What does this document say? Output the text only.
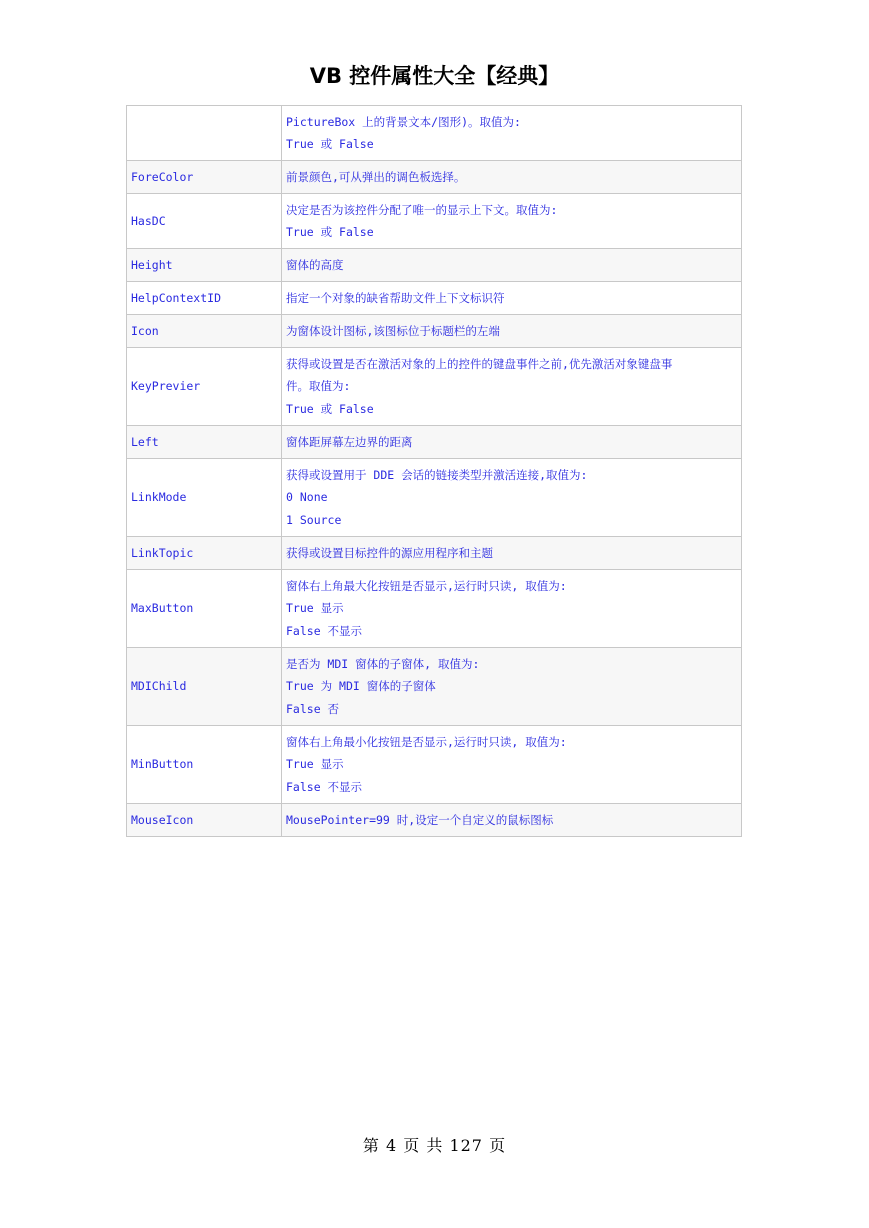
VB 控件属性大全【经典】

	PictureBox 上的背景文本/图形)。取值为:
True 或 False

ForeColor	前景颜色,可从弹出的调色板选择。

HasDC	决定是否为该控件分配了唯一的显示上下文。取值为:
True 或 False

Height	窗体的高度

HelpContextID	指定一个对象的缺省帮助文件上下文标识符

Icon	为窗体设计图标,该图标位于标题栏的左端

KeyPrevier	获得或设置是否在激活对象的上的控件的键盘事件之前,优先激活对象键盘事
件。取值为:
True 或 False

Left	窗体距屏幕左边界的距离

LinkMode	获得或设置用于 DDE 会话的链接类型并激活连接,取值为:
0 None
1 Source

LinkTopic	获得或设置目标控件的源应用程序和主题

MaxButton	窗体右上角最大化按钮是否显示,运行时只读, 取值为:
True 显示
False 不显示

MDIChild	是否为 MDI 窗体的子窗体, 取值为:
True 为 MDI 窗体的子窗体
False 否

MinButton	窗体右上角最小化按钮是否显示,运行时只读, 取值为:
True 显示
False 不显示

MouseIcon	MousePointer=99 时,设定一个自定义的鼠标图标
第 4 页 共 127 页
